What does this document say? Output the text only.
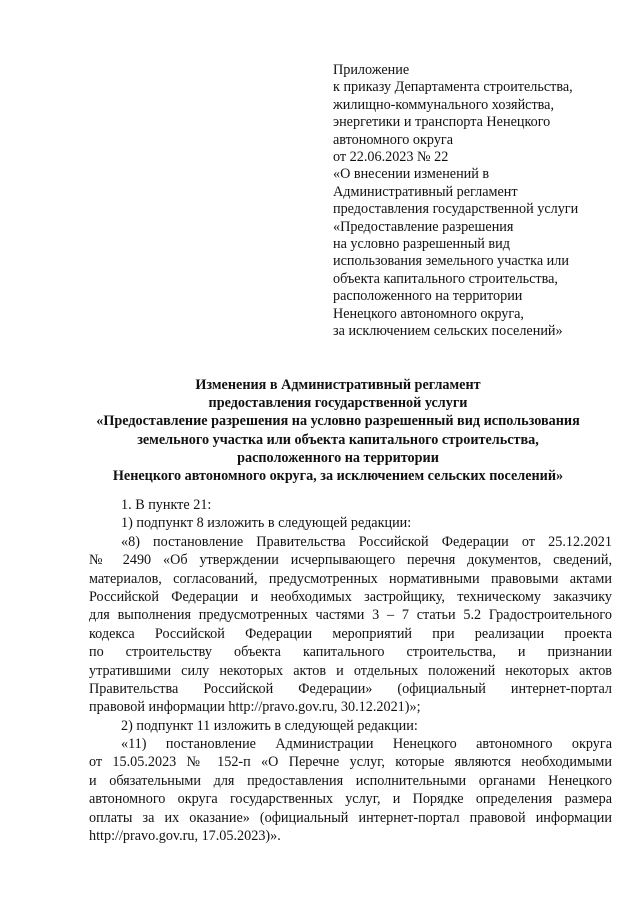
Приложение
к приказу Департамента строительства,
жилищно-коммунального хозяйства,
энергетики и транспорта Ненецкого
автономного округа
от 22.06.2023 № 22
«О внесении изменений в
Административный регламент
предоставления государственной услуги
«Предоставление разрешения
на условно разрешенный вид
использования земельного участка или
объекта капитального строительства,
расположенного на территории
Ненецкого автономного округа,
за исключением сельских поселений»
Изменения в Административный регламент
предоставления государственной услуги
«Предоставление разрешения на условно разрешенный вид использования
земельного участка или объекта капитального строительства,
расположенного на территории
Ненецкого автономного округа, за исключением сельских поселений»
1. В пункте 21:
1) подпункт 8 изложить в следующей редакции:
«8) постановление Правительства Российской Федерации от 25.12.2021
№ 2490 «Об утверждении исчерпывающего перечня документов, сведений,
материалов, согласований, предусмотренных нормативными правовыми актами
Российской Федерации и необходимых застройщику, техническому заказчику
для выполнения предусмотренных частями 3 – 7 статьи 5.2 Градостроительного
кодекса Российской Федерации мероприятий при реализации проекта
по строительству объекта капитального строительства, и признании
утратившими силу некоторых актов и отдельных положений некоторых актов
Правительства Российской Федерации» (официальный интернет-портал
правовой информации http://pravo.gov.ru, 30.12.2021)»;
2) подпункт 11 изложить в следующей редакции:
«11) постановление Администрации Ненецкого автономного округа
от 15.05.2023 № 152-п «О Перечне услуг, которые являются необходимыми
и обязательными для предоставления исполнительными органами Ненецкого
автономного округа государственных услуг, и Порядке определения размера
оплаты за их оказание» (официальный интернет-портал правовой информации
http://pravo.gov.ru, 17.05.2023)».
